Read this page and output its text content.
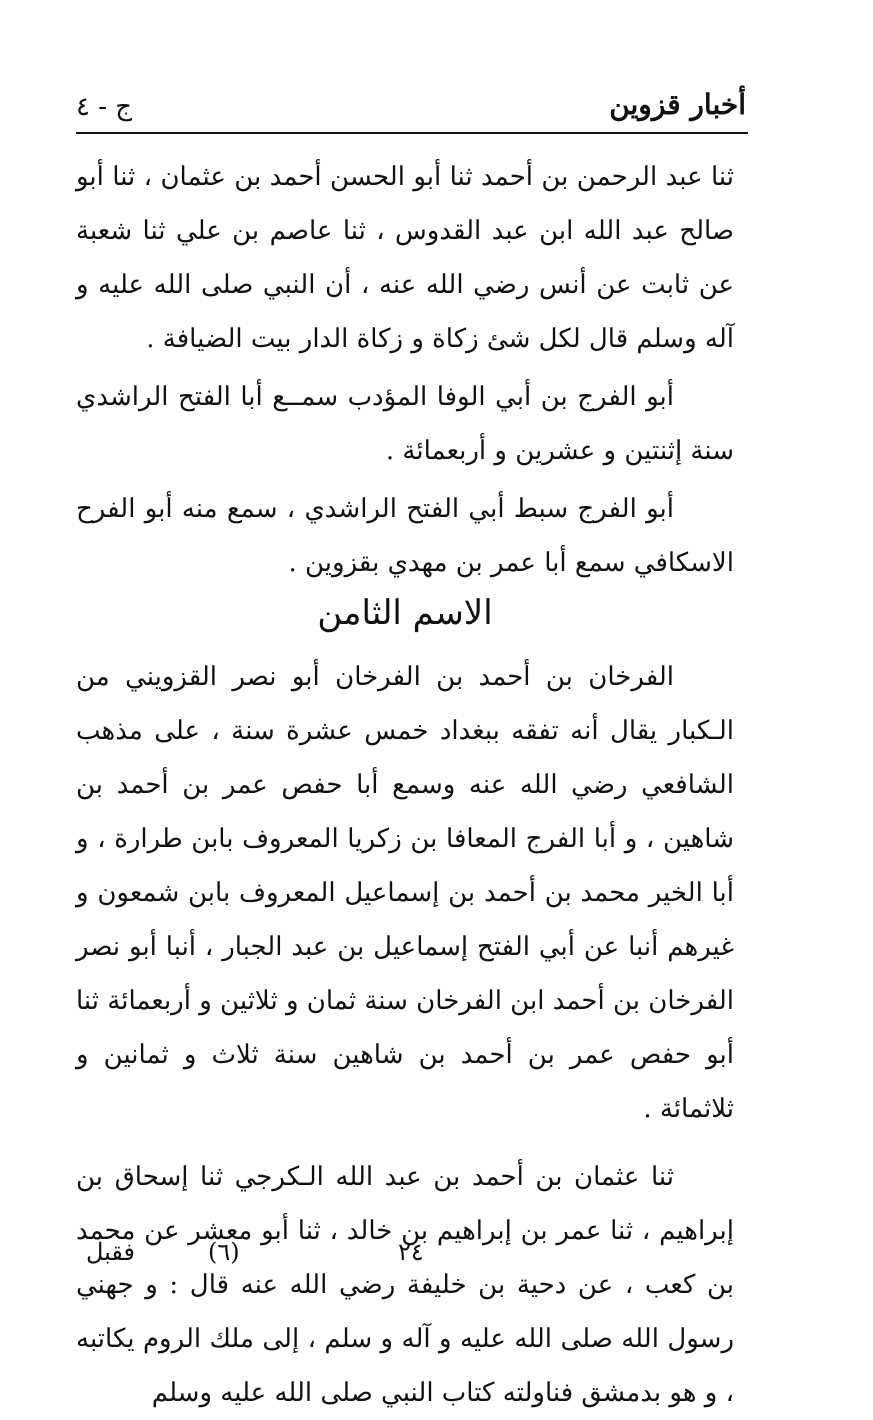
أخبار قزوين
ج - ٤

ثنا عبد الرحمن بن أحمد ثنا أبو الحسن أحمد بن عثمان ، ثنا أبو صالح عبد الله ابن عبد القدوس ، ثنا عاصم بن علي ثنا شعبة عن ثابت عن أنس رضي الله عنه ، أن النبي صلى الله عليه و آله وسلم قال لكل شئ زكاة و زكاة الدار بيت الضيافة .

أبو الفرج بن أبي الوفا المؤدب سمــع أبا الفتح الراشدي سنة إثنتين و عشرين و أربعمائة .

أبو الفرج سبط أبي الفتح الراشدي ، سمع منه أبو الفرح الاسكافي سمع أبا عمر بن مهدي بقزوين .

الاسم الثامن

الفرخان بن أحمد بن الفرخان أبو نصر القزويني من الـكبار يقال أنه تفقه ببغداد خمس عشرة سنة ، على مذهب الشافعي رضي الله عنه وسمع أبا حفص عمر بن أحمد بن شاهين ، و أبا الفرج المعافا بن زكريا المعروف بابن طرارة ، و أبا الخير محمد بن أحمد بن إسماعيل المعروف بابن شمعون و غيرهم أنبا عن أبي الفتح إسماعيل بن عبد الجبار ، أنبا أبو نصر الفرخان بن أحمد ابن الفرخان سنة ثمان و ثلاثين و أربعمائة ثنا أبو حفص عمر بن أحمد بن شاهين سنة ثلاث و ثمانين و ثلاثمائة .

ثنا عثمان بن أحمد بن عبد الله الـكرجي ثنا إسحاق بن إبراهيم ، ثنا عمر بن إبراهيم بن خالد ، ثنا أبو معشر عن محمد بن كعب ، عن دحية بن خليفة رضي الله عنه قال : و جهني رسول الله صلى الله عليه و آله و سلم ، إلى ملك الروم يكاتبه ، و هو بدمشق فناولته كتاب النبي صلى الله عليه وسلم

فقبل	(٦)	٢٤
